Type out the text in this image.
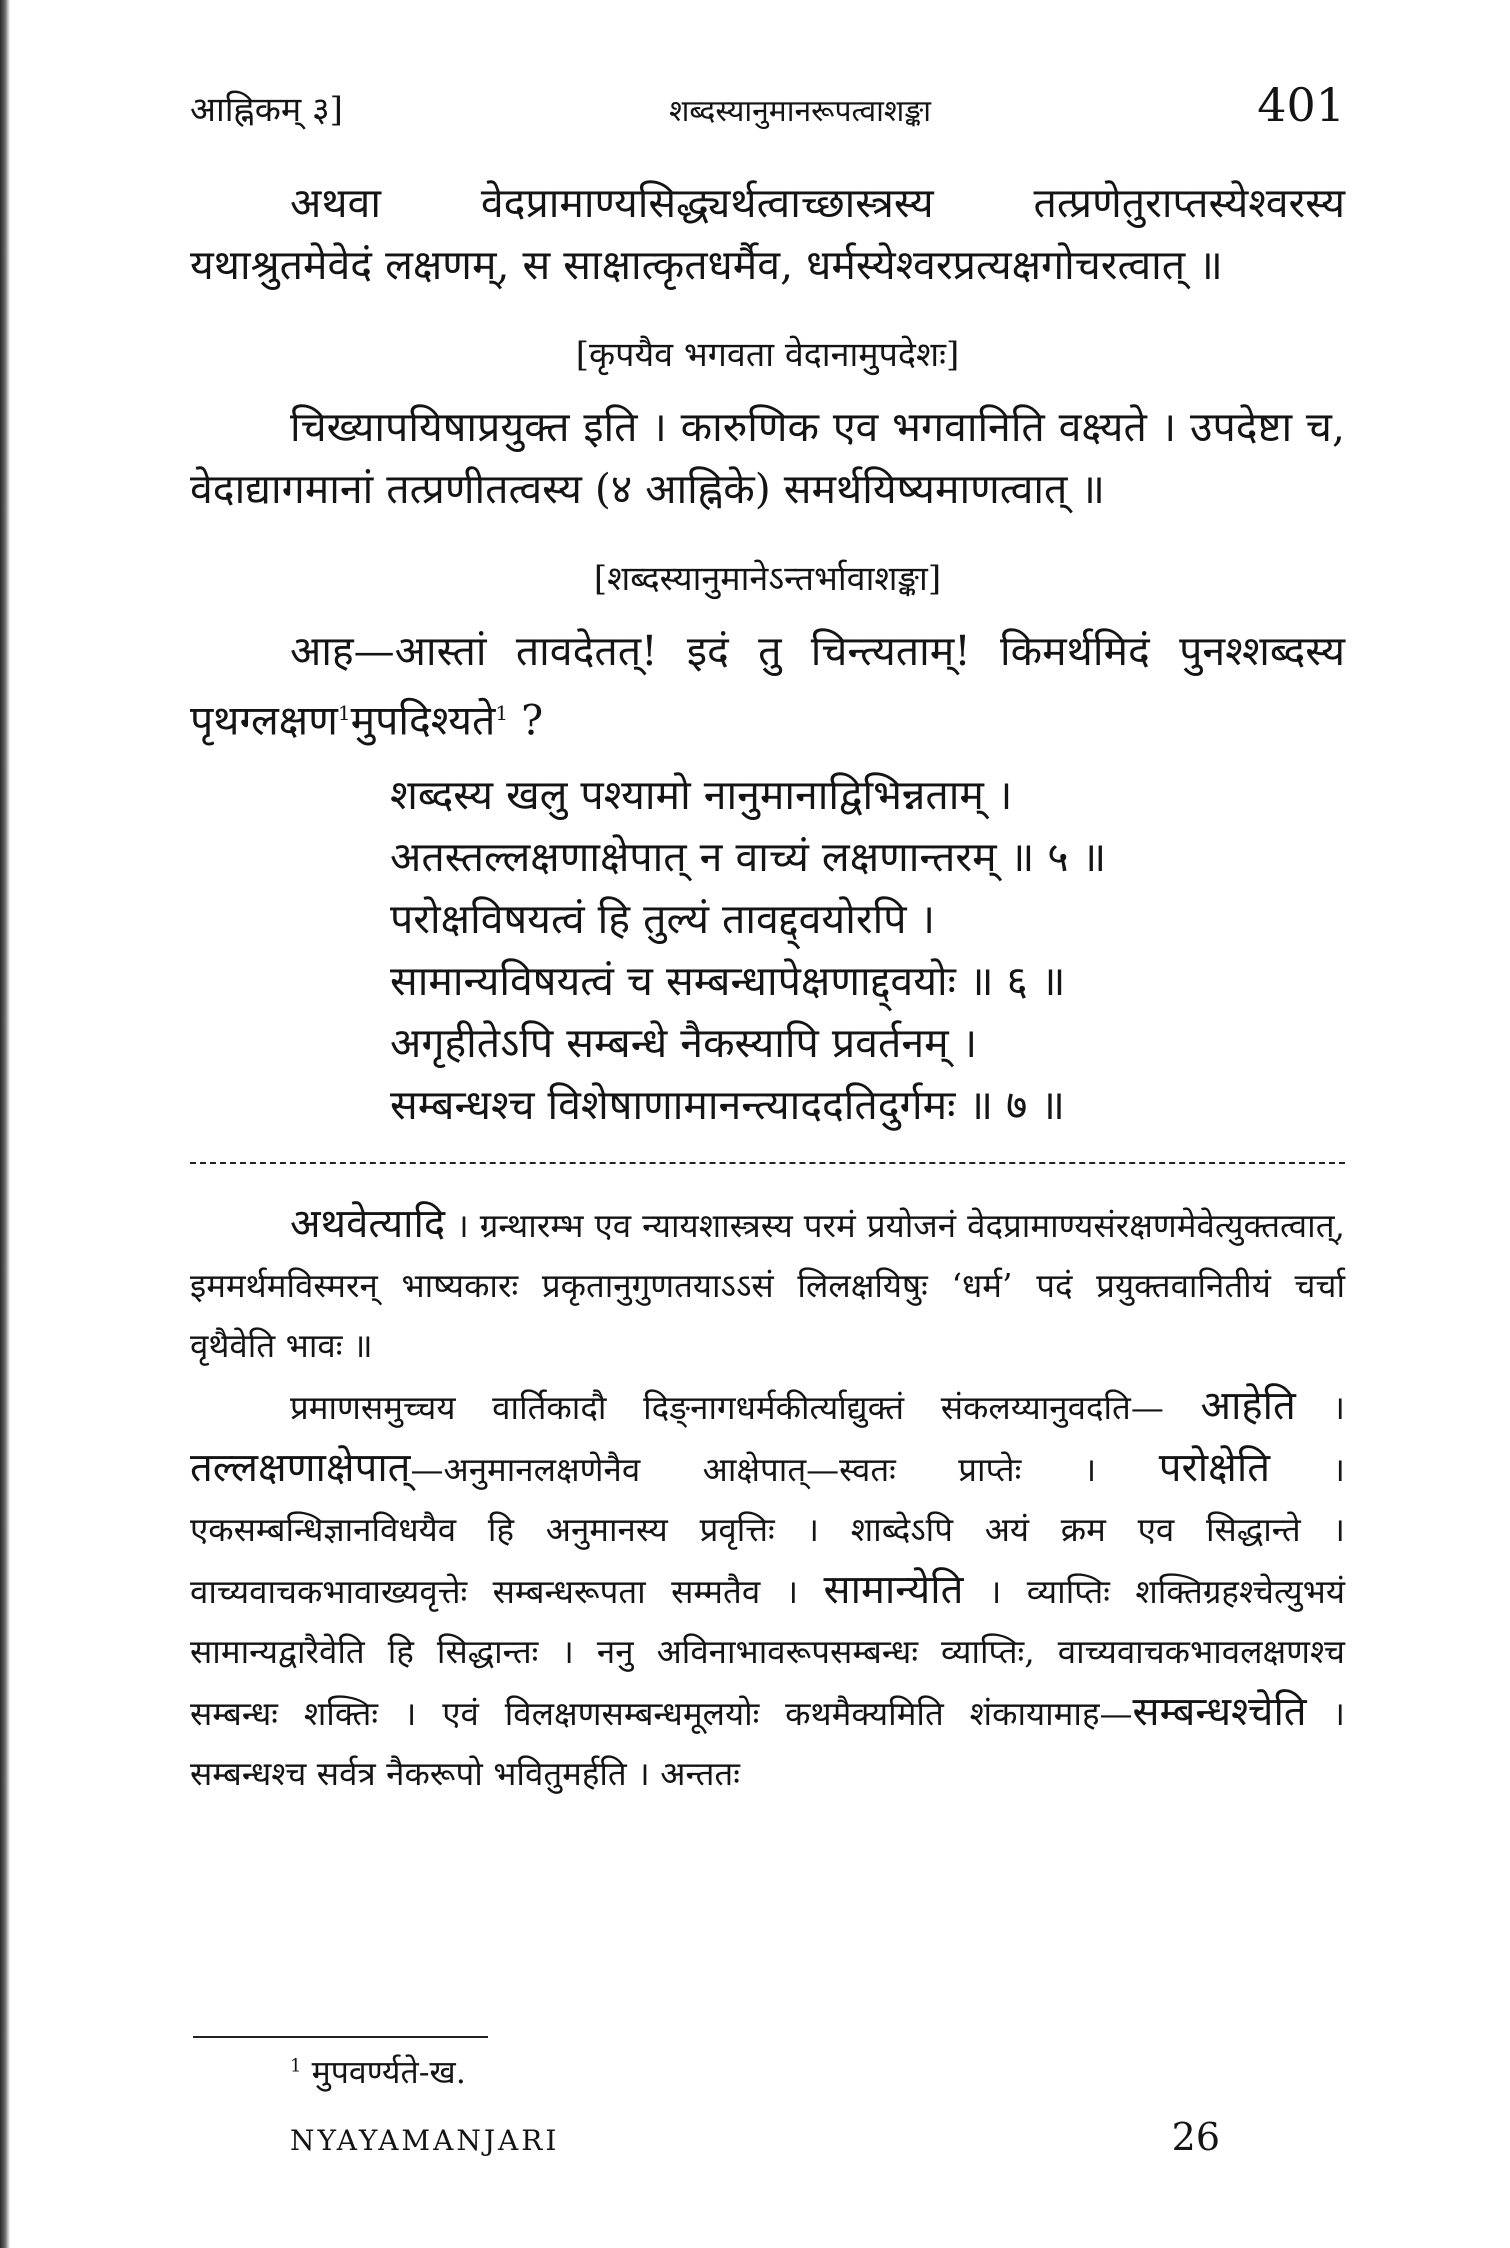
आह्निकम् ३]	शब्दस्यानुमानरूपत्वाशङ्का	401

अथवा वेदप्रामाण्यसिद्ध्यर्थत्वाच्छास्त्रस्य तत्प्रणेतुराप्तस्येश्वरस्य यथाश्रुतमेवेदं लक्षणम्, स साक्षात्कृतधर्मैव, धर्मस्येश्वरप्रत्यक्षगोचरत्वात् ॥

[कृपयैव भगवता वेदानामुपदेशः]

चिख्यापयिषाप्रयुक्त इति । कारुणिक एव भगवानिति वक्ष्यते । उपदेष्टा च, वेदाद्यागमानां तत्प्रणीतत्वस्य (४ आह्निके) समर्थयिष्यमाणत्वात् ॥

[शब्दस्यानुमानेऽन्तर्भावाशङ्का]

आह—आस्तां तावदेतत्! इदं तु चिन्त्यताम्! किमर्थमिदं पुनश्शब्दस्य पृथग्लक्षण$^1$मुपदिश्यते$^1$ ?

शब्दस्य खलु पश्यामो नानुमानाद्विभिन्नताम् ।
अतस्तल्लक्षणाक्षेपात् न वाच्यं लक्षणान्तरम् ॥ ५ ॥
परोक्षविषयत्वं हि तुल्यं तावद्द्वयोरपि ।
सामान्यविषयत्वं च सम्बन्धापेक्षणाद्द्वयोः ॥ ६ ॥
अगृहीतेऽपि सम्बन्धे नैकस्यापि प्रवर्तनम् ।
सम्बन्धश्च विशेषाणामानन्त्याददतिदुर्गमः ॥ ७ ॥

अथवेत्यादि । ग्रन्थारम्भ एव न्यायशास्त्रस्य परमं प्रयोजनं वेदप्रामाण्यसंरक्षणमेवेत्युक्तत्वात्, इममर्थमविस्मरन् भाष्यकारः प्रकृतानुगुणतयाऽऽसं लिलक्षयिषुः ‘धर्म’ पदं प्रयुक्तवानितीयं चर्चा वृथैवेति भावः ॥

प्रमाणसमुच्चय वार्तिकादौ दिङ्नागधर्मकीर्त्याद्युक्तं संकलय्यानुवदति— आहेति । तल्लक्षणाक्षेपात्—अनुमानलक्षणेनैव आक्षेपात्—स्वतः प्राप्तेः । परोक्षेति । एकसम्बन्धिज्ञानविधयैव हि अनुमानस्य प्रवृत्तिः । शाब्देऽपि अयं क्रम एव सिद्धान्ते । वाच्यवाचकभावाख्यवृत्तेः सम्बन्धरूपता सम्मतैव । सामान्येति । व्याप्तिः शक्तिग्रहश्चेत्युभयं सामान्यद्वारैवेति हि सिद्धान्तः । ननु अविनाभावरूपसम्बन्धः व्याप्तिः, वाच्यवाचकभावलक्षणश्च सम्बन्धः शक्तिः । एवं विलक्षणसम्बन्धमूलयोः कथमैक्यमिति शंकायामाह—सम्बन्धश्चेति । सम्बन्धश्च सर्वत्र नैकरूपो भवितुमर्हति । अन्ततः

$^1$ मुपवर्ण्यते-ख.
NYAYAMANJARI	26
